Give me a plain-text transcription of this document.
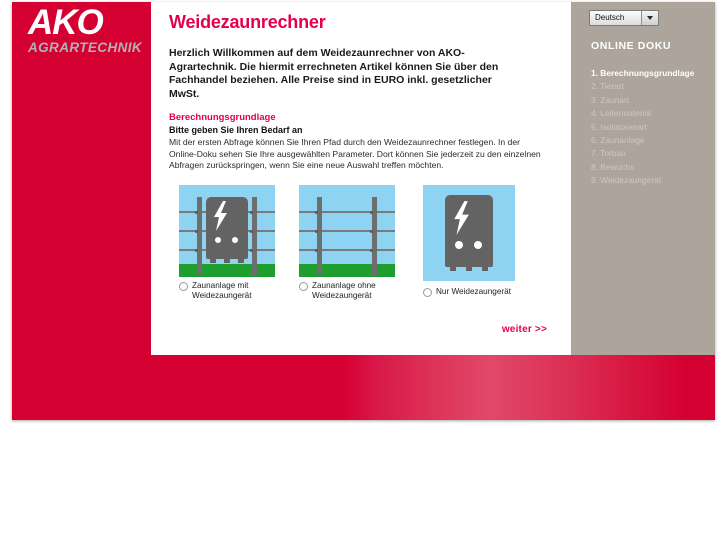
AKO
AGRARTECHNIK
Weidezaunrechner

Herzlich Willkommen auf dem Weidezaunrechner von AKO-Agrartechnik. Die hiermit errechneten Artikel können Sie über den Fachhandel beziehen. Alle Preise sind in EURO inkl. gesetzlicher MwSt.

Berechnungsgrundlage
Bitte geben Sie Ihren Bedarf an

Mit der ersten Abfrage können Sie Ihren Pfad durch den Weidezaunrechner festlegen. In der Online-Doku sehen Sie Ihre ausgewählten Parameter. Dort können Sie jederzeit zu den einzelnen Abfragen zurückspringen, wenn Sie eine neue Auswahl treffen möchten.

Zaunanlage mit Weidezaungerät
Zaunanlage ohne Weidezaungerät	Nur Weidezaungerät
weiter >>
Deutsch
ONLINE DOKU
1. Berechnungsgrundlage
2. Tierart
3. Zaunart
4. Leitermaterial
5. Isolatorenart
6. Zaunanlage
7. Torbau
8. Bewuchs
9. Weidezaungerät
